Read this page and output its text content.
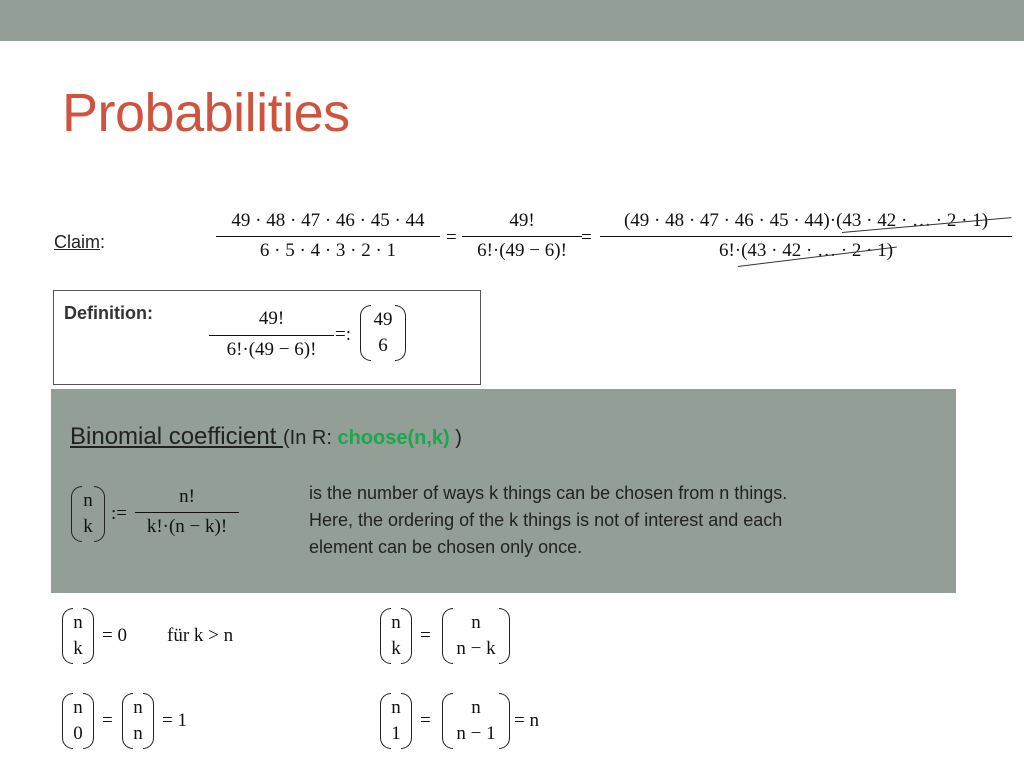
Probabilities
Claim:
49 · 48 · 47 · 46 · 45 · 44
6 · 5 · 4 · 3 · 2 · 1
=
49!
6!·(49 − 6)!
=
(49 · 48 · 47 · 46 · 45 · 44)·(43 · 42 · … · 2 · 1)
6!·(43 · 42 · … · 2 · 1)
Definition:	49!
6!·(49 − 6)!
=:
49
6
Binomial coefficient (In R: choose(n,k) )
n
k
:=
n!
k!·(n − k)!
is the number of ways k things can be chosen from n things.
Here, the ordering of the k things is not of interest and each
element can be chosen only once.
n
k
= 0 für k > n
n
k
=
n
n − k
n
0
=
n
n
= 1
n
1
=
n
n − 1
= n
